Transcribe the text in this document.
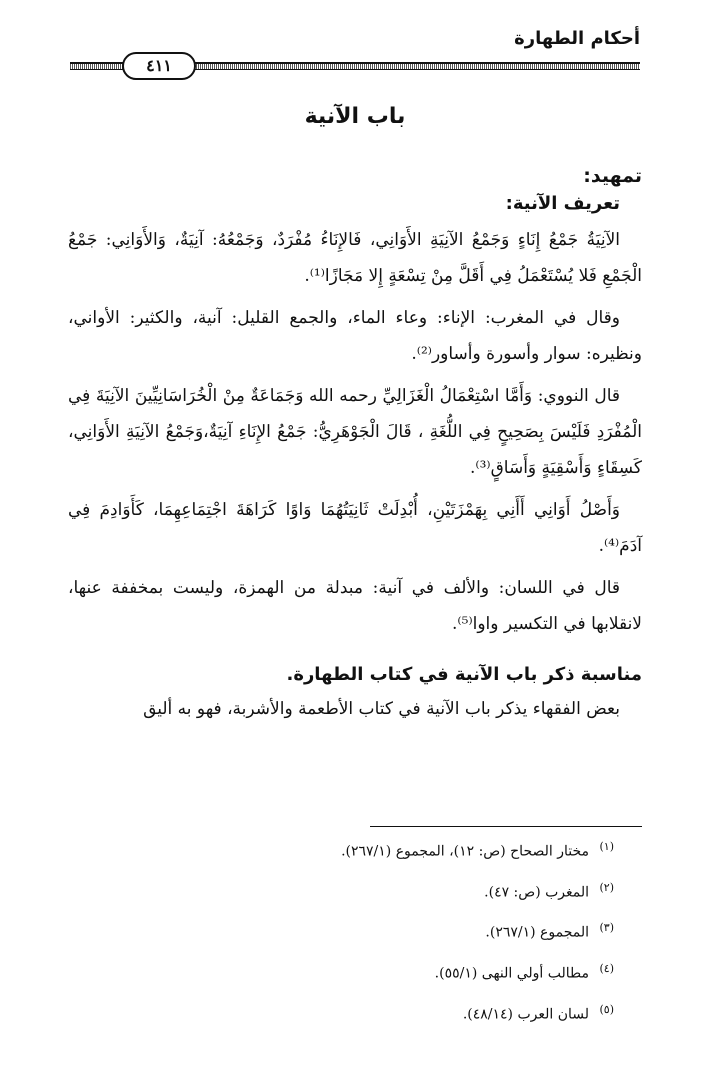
أحكام الطهارة
٤١١
باب الآنية
تمهيد:
تعريف الآنية:

الآنِيَةُ جَمْعُ إِنَاءٍ وَجَمْعُ الآنِيَةِ الأَوَانِي، فَالإِنَاءُ مُفْرَدٌ، وَجَمْعُهُ: آنِيَةٌ، وَالأَوَانِي: جَمْعُ الْجَمْعِ فَلا يُسْتَعْمَلُ فِي أَقَلَّ مِنْ تِسْعَةٍ إِلا مَجَازًا⁽¹⁾.

وقال في المغرب: الإناء: وعاء الماء، والجمع القليل: آنية، والكثير: الأواني، ونظيره: سوار وأسورة وأساور⁽²⁾.

قال النووي: وَأَمَّا اسْتِعْمَالُ الْغَزَالِيِّ رحمه الله وَجَمَاعَةٌ مِنْ الْخُرَاسَانِيِّينَ الآنِيَةَ فِي الْمُفْرَدِ فَلَيْسَ بِصَحِيحٍ فِي اللُّغَةِ ، قَالَ الْجَوْهَرِيُّ: جَمْعُ الإِنَاءِ آنِيَةٌ،وَجَمْعُ الآنِيَةِ الأَوَانِي، كَسِقَاءٍ وَأَسْقِيَةٍ وَأَسَاقٍ⁽³⁾.

وَأَصْلُ أَوَانِي أَأَنِي بِهَمْزَتَيْنِ، أُبْدِلَتْ ثَانِيَتُهُمَا وَاوًا كَرَاهَةَ اجْتِمَاعِهِمَا، كَأَوَادِمَ فِي آدَمَ⁽⁴⁾.

قال في اللسان: والألف في آنية: مبدلة من الهمزة، وليست بمخففة عنها، لانقلابها في التكسير واوا⁽⁵⁾.

مناسبة ذكر باب الآنية في كتاب الطهارة.

بعض الفقهاء يذكر باب الآنية في كتاب الأطعمة والأشربة، فهو به أليق

$^{(١)}$ مختار الصحاح (ص: ١٢)، المجموع (٢٦٧/١).
$^{(٢)}$ المغرب (ص: ٤٧).
$^{(٣)}$ المجموع (٢٦٧/١).
$^{(٤)}$ مطالب أولي النهى (٥٥/١).
$^{(٥)}$ لسان العرب (٤٨/١٤).
